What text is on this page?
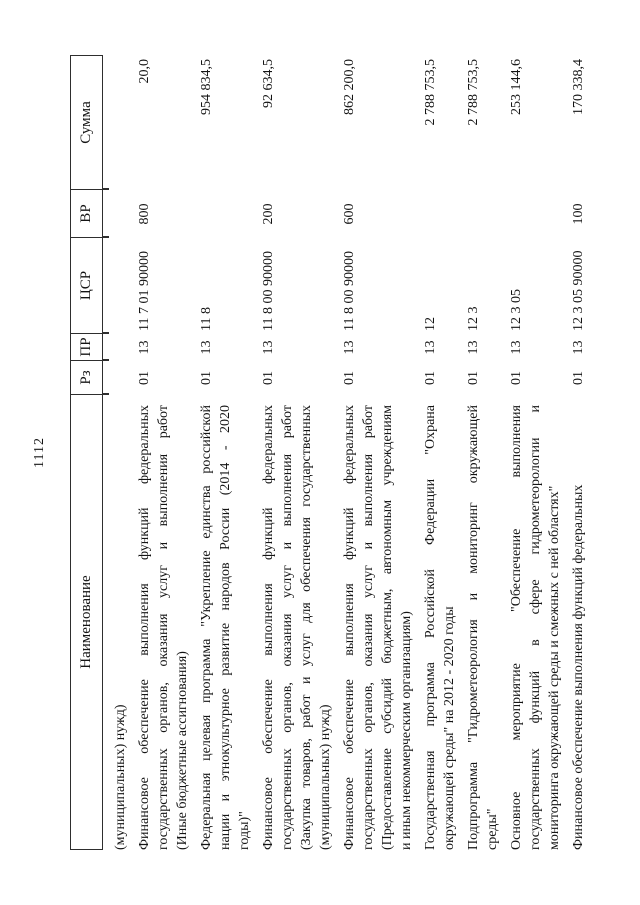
1112
Наименование
Рз
ПР
ЦСР
ВР
Сумма
(муниципальных) нужд) Финансовое обеспечение выполнения функций федеральных государственных органов, оказания услуг и выполнения работ (Иные бюджетные ассигнования)
01
13
11 7 01 90000
800
20,0
Федеральная целевая программа "Укрепление единства российской нации и этнокультурное развитие народов России (2014 - 2020 годы)"
01
13
11 8
954 834,5
Финансовое обеспечение выполнения функций федеральных государственных органов, оказания услуг и выполнения работ (Закупка товаров, работ и услуг для обеспечения государственных (муниципальных) нужд)
01
13
11 8 00 90000
200
92 634,5
Финансовое обеспечение выполнения функций федеральных государственных органов, оказания услуг и выполнения работ (Предоставление субсидий бюджетным, автономным учреждениям и иным некоммерческим организациям)
01
13
11 8 00 90000
600
862 200,0
Государственная программа Российской Федерации "Охрана окружающей среды" на 2012 - 2020 годы
01
13
12
2 788 753,5
Подпрограмма "Гидрометеорология и мониторинг окружающей среды"
01
13
12 3
2 788 753,5
Основное мероприятие "Обеспечение выполнения государственных функций в сфере гидрометеорологии и мониторинга окружающей среды и смежных с ней областях"
01
13
12 3 05
253 144,6
Финансовое обеспечение выполнения функций федеральных
01
13
12 3 05 90000
100
170 338,4
